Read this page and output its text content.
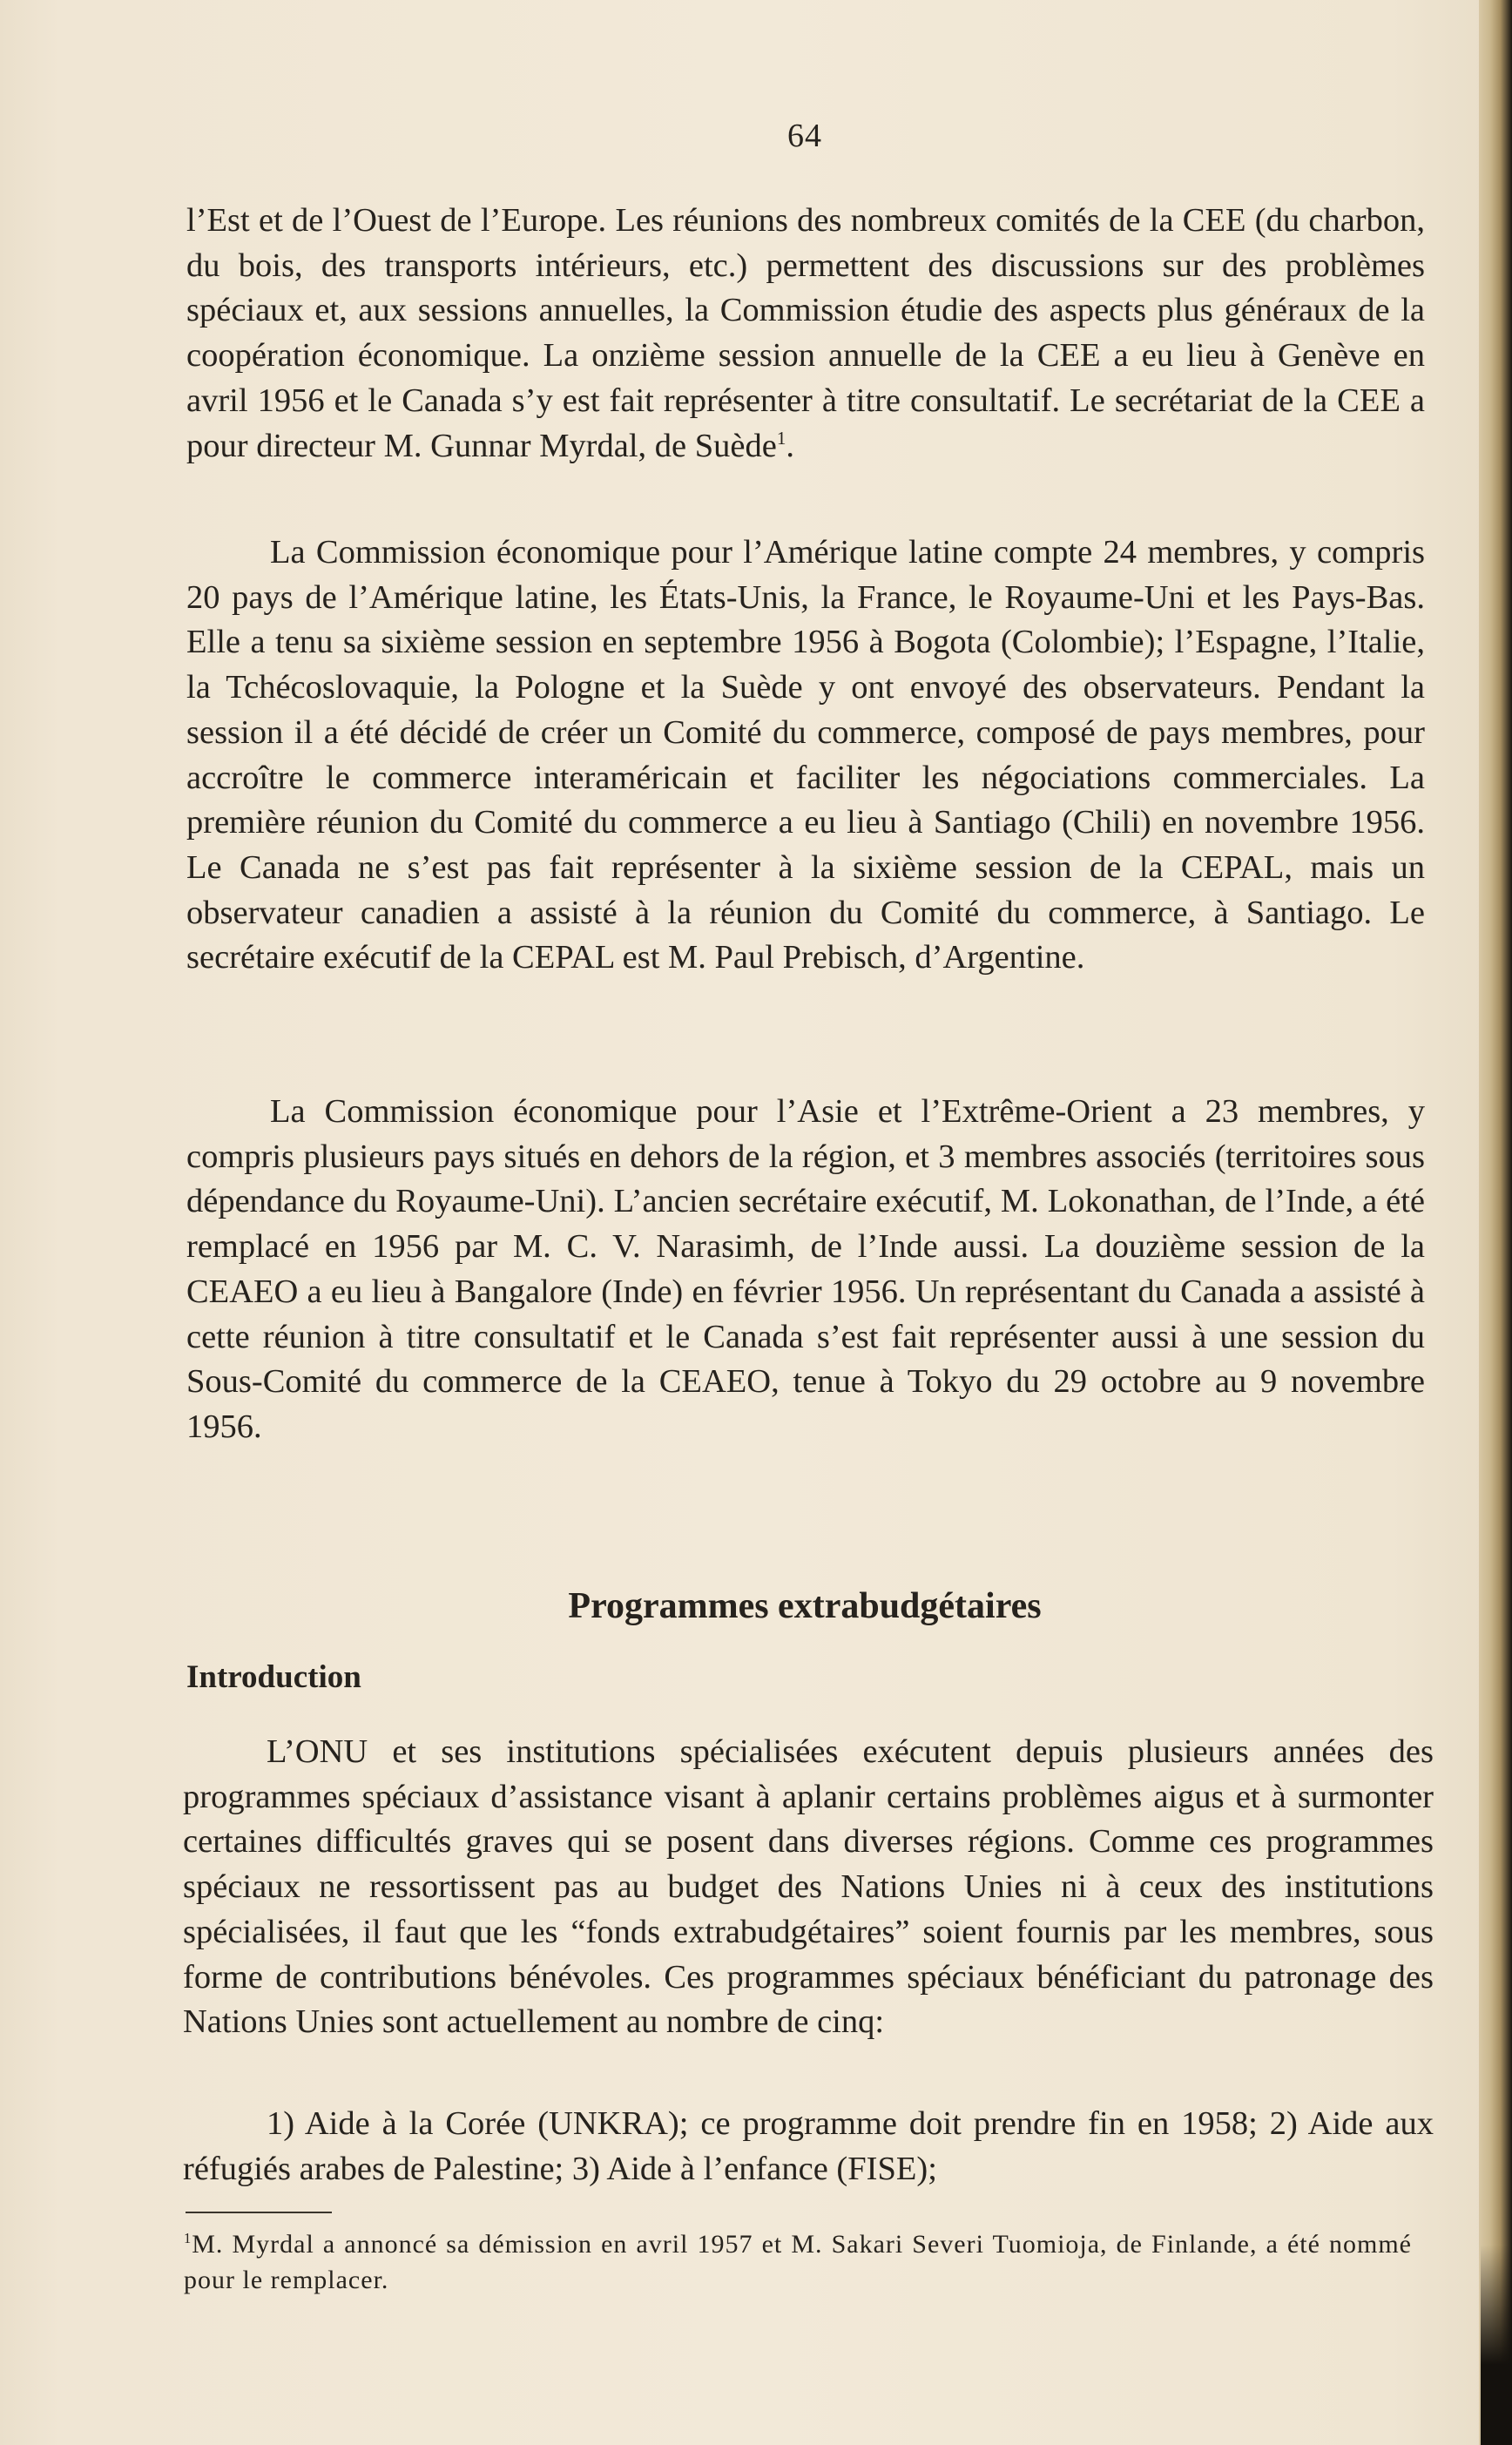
64

l’Est et de l’Ouest de l’Europe. Les réunions des nombreux comités de la CEE (du charbon, du bois, des transports intérieurs, etc.) permettent des discussions sur des problèmes spéciaux et, aux sessions annuelles, la Commission étudie des aspects plus généraux de la coopération économique. La onzième session annuelle de la CEE a eu lieu à Genève en avril 1956 et le Canada s’y est fait représenter à titre consultatif. Le secrétariat de la CEE a pour directeur M. Gunnar Myrdal, de Suède$^1$.

La Commission économique pour l’Amérique latine compte 24 membres, y compris 20 pays de l’Amérique latine, les États-Unis, la France, le Royaume-Uni et les Pays-Bas. Elle a tenu sa sixième session en septembre 1956 à Bogota (Colombie); l’Espagne, l’Italie, la Tchécoslovaquie, la Pologne et la Suède y ont envoyé des observateurs. Pendant la session il a été décidé de créer un Comité du commerce, composé de pays membres, pour accroître le commerce interaméricain et faciliter les négociations commerciales. La première réunion du Comité du commerce a eu lieu à Santiago (Chili) en novembre 1956. Le Canada ne s’est pas fait représenter à la sixième session de la CEPAL, mais un observateur canadien a assisté à la réunion du Comité du commerce, à Santiago. Le secrétaire exécutif de la CEPAL est M. Paul Prebisch, d’Argentine.

La Commission économique pour l’Asie et l’Extrême-Orient a 23 membres, y compris plusieurs pays situés en dehors de la région, et 3 membres associés (territoires sous dépendance du Royaume-Uni). L’ancien secrétaire exécutif, M. Lokonathan, de l’Inde, a été remplacé en 1956 par M. C. V. Narasimh, de l’Inde aussi. La douzième session de la CEAEO a eu lieu à Bangalore (Inde) en février 1956. Un représentant du Canada a assisté à cette réunion à titre consultatif et le Canada s’est fait représenter aussi à une session du Sous-Comité du commerce de la CEAEO, tenue à Tokyo du 29 octobre au 9 novembre 1956.

Programmes extrabudgétaires
Introduction

L’ONU et ses institutions spécialisées exécutent depuis plusieurs années des programmes spéciaux d’assistance visant à aplanir certains problèmes aigus et à surmonter certaines difficultés graves qui se posent dans diverses régions. Comme ces programmes spéciaux ne ressortissent pas au budget des Nations Unies ni à ceux des institutions spécialisées, il faut que les “fonds extrabudgétaires” soient fournis par les membres, sous forme de contributions bénévoles. Ces programmes spéciaux bénéficiant du patronage des Nations Unies sont actuellement au nombre de cinq:

1) Aide à la Corée (UNKRA); ce programme doit prendre fin en 1958; 2) Aide aux réfugiés arabes de Palestine; 3) Aide à l’enfance (FISE);

$^1$M. Myrdal a annoncé sa démission en avril 1957 et M. Sakari Severi Tuomioja, de Finlande, a été nommé pour le remplacer.
